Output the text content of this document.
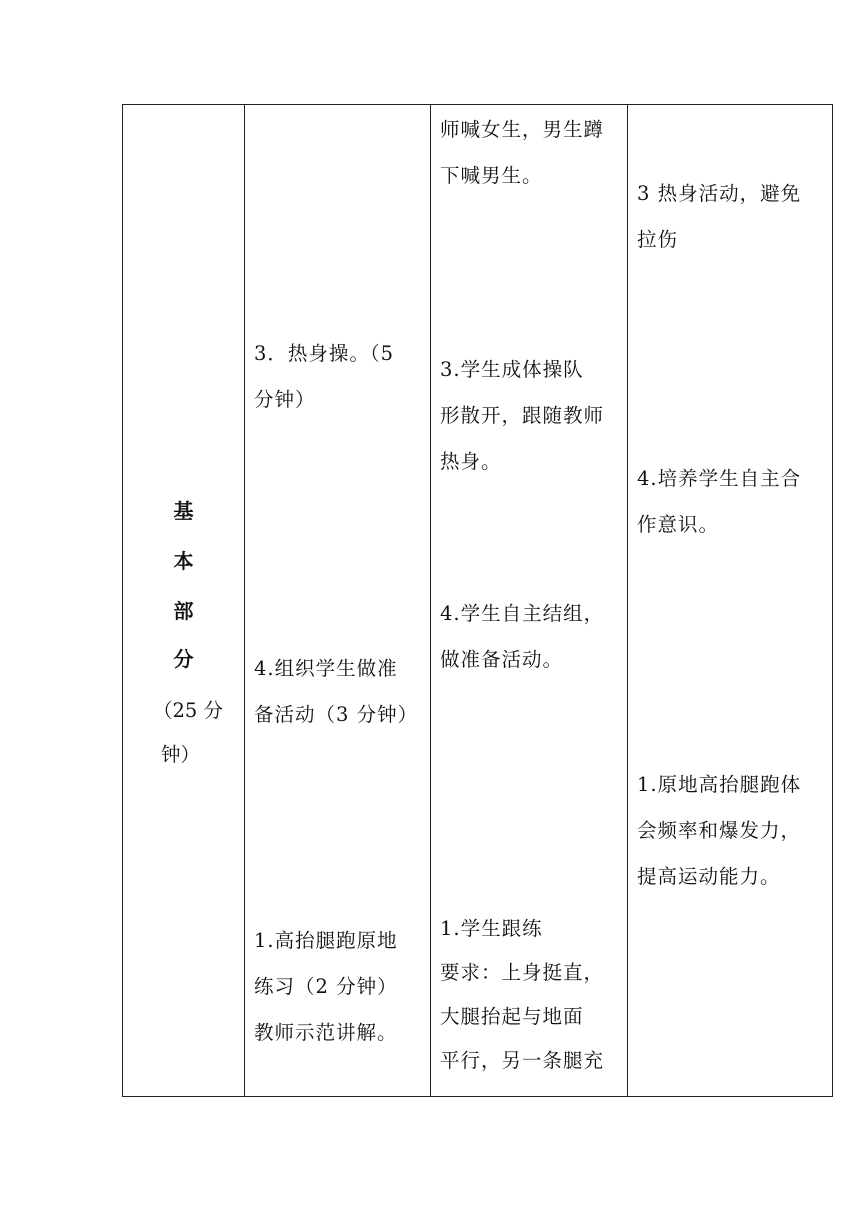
基
本
部
分
（25 分
钟）
3．热身操。（5
分钟）
4.组织学生做准
备活动（3 分钟）
1.高抬腿跑原地
练习（2 分钟）
教师示范讲解。
师喊女生，男生蹲
下喊男生。
3.学生成体操队
形散开，跟随教师
热身。
4.学生自主结组，
做准备活动。
1.学生跟练
要求：上身挺直，
大腿抬起与地面
平行，另一条腿充
3 热身活动，避免
拉伤
4.培养学生自主合
作意识。
1.原地高抬腿跑体
会频率和爆发力，
提高运动能力。
